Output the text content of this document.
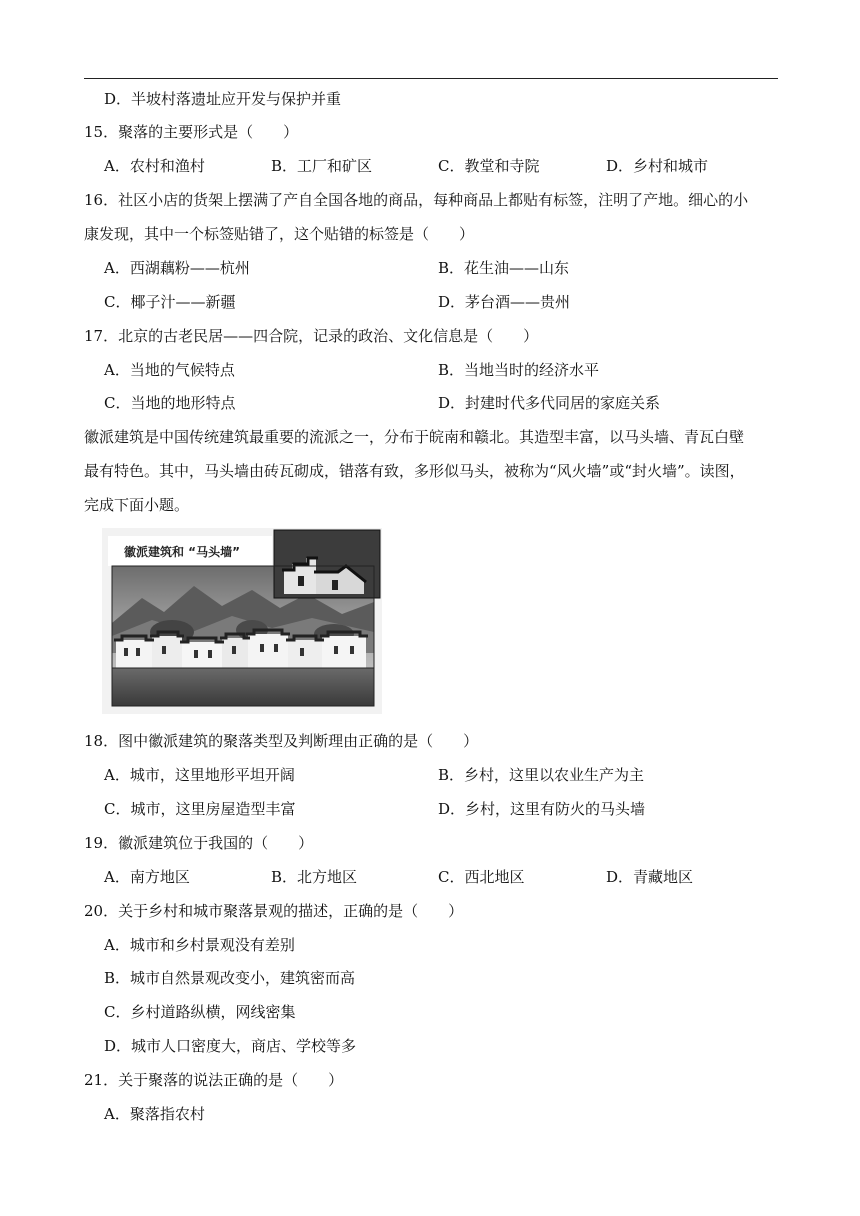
D．半坡村落遗址应开发与保护并重
15．聚落的主要形式是（　　）
A．农村和渔村	B．工厂和矿区	C．教堂和寺院	D．乡村和城市
16．社区小店的货架上摆满了产自全国各地的商品，每种商品上都贴有标签，注明了产地。细心的小
康发现，其中一个标签贴错了，这个贴错的标签是（　　）
A．西湖藕粉——杭州	B．花生油——山东
C．椰子汁——新疆	D．茅台酒——贵州
17．北京的古老民居——四合院，记录的政治、文化信息是（　　）
A．当地的气候特点	B．当地当时的经济水平
C．当地的地形特点	D．封建时代多代同居的家庭关系
徽派建筑是中国传统建筑最重要的流派之一，分布于皖南和赣北。其造型丰富，以马头墙、青瓦白壁
最有特色。其中，马头墙由砖瓦砌成，错落有致，多形似马头，被称为“风火墙”或“封火墙”。读图，
完成下面小题。
徽派建筑和 “马头墙”
18．图中徽派建筑的聚落类型及判断理由正确的是（　　）
A．城市，这里地形平坦开阔	B．乡村，这里以农业生产为主
C．城市，这里房屋造型丰富	D．乡村，这里有防火的马头墙
19．徽派建筑位于我国的（　　）
A．南方地区	B．北方地区	C．西北地区	D．青藏地区
20．关于乡村和城市聚落景观的描述，正确的是（　　）
A．城市和乡村景观没有差别
B．城市自然景观改变小，建筑密而高
C．乡村道路纵横，网线密集
D．城市人口密度大，商店、学校等多
21．关于聚落的说法正确的是（　　）
A．聚落指农村
